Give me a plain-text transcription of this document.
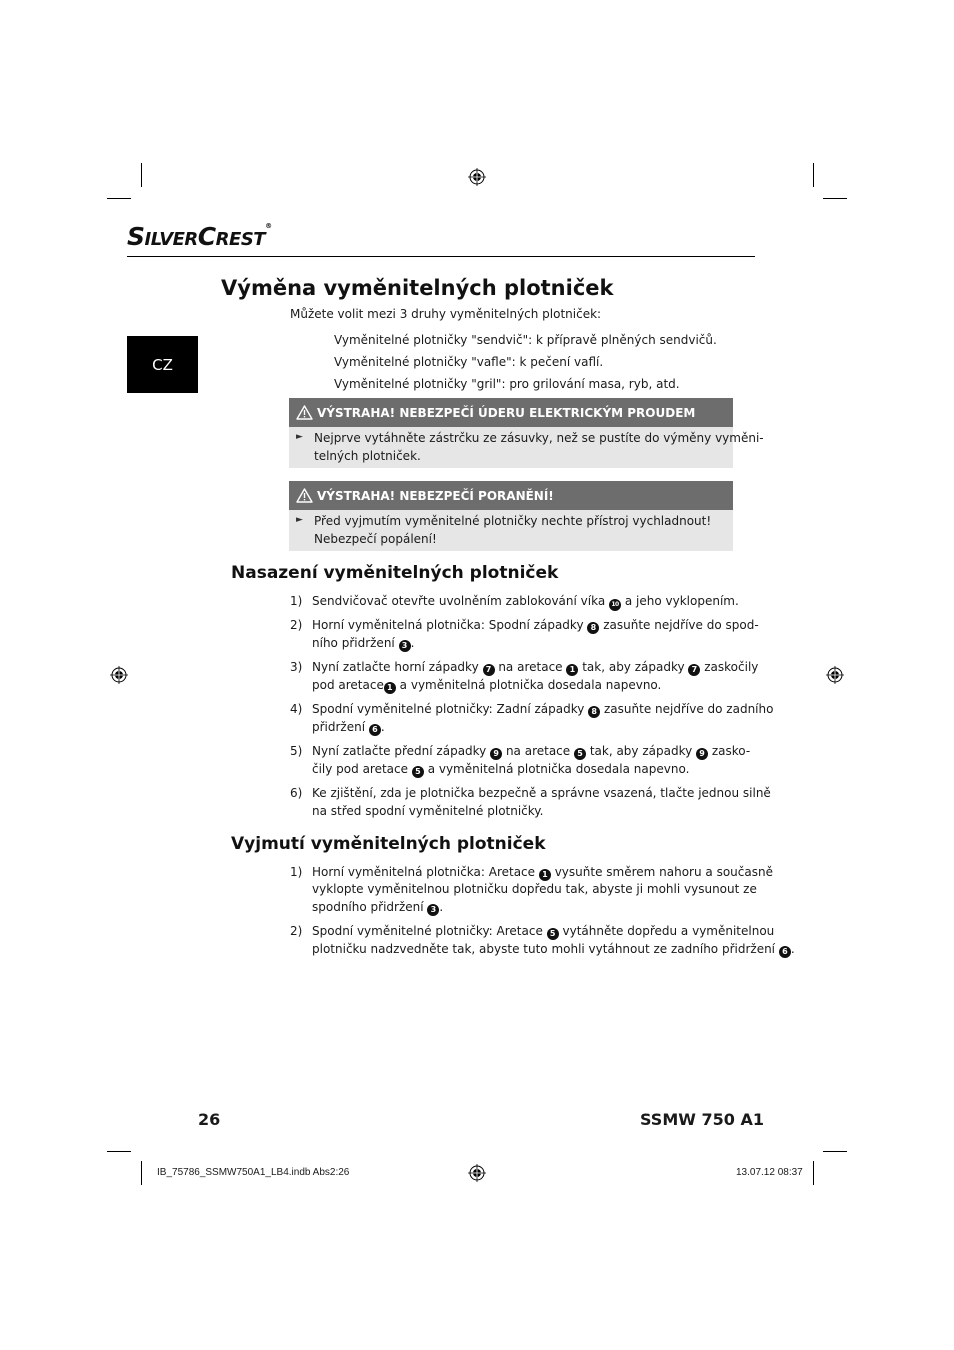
SILVERCREST®
CZ
Výměna vyměnitelných plotniček
Můžete volit mezi 3 druhy vyměnitelných plotniček:
Vyměnitelné plotničky "sendvič": k přípravě plněných sendvičů.
Vyměnitelné plotničky "vafle": k pečení vaflí.
Vyměnitelné plotničky "gril": pro grilování masa, ryb, atd.
VÝSTRAHA! NEBEZPEČÍ ÚDERU ELEKTRICKÝM PROUDEM
► Nejprve vytáhněte zástrčku ze zásuvky, než se pustíte do výměny vyměni-
telných plotniček.
VÝSTRAHA! NEBEZPEČÍ PORANĚNÍ!
► Před vyjmutím vyměnitelné plotničky nechte přístroj vychladnout!
Nebezpečí popálení!
Nasazení vyměnitelných plotniček
1) Sendvičovač otevřte uvolněním zablokování víka 10 a jeho vyklopením.
2) Horní vyměnitelná plotnička: Spodní západky 8 zasuňte nejdříve do spod-
ního přidržení 3 .
3) Nyní zatlačte horní západky 7 na aretace 1 tak, aby západky 7 zaskočily
pod aretace 1 a vyměnitelná plotnička dosedala napevno.
4) Spodní vyměnitelné plotničky: Zadní západky 8 zasuňte nejdříve do zadního
přidržení 6 .
5) Nyní zatlačte přední západky 9 na aretace 5 tak, aby západky 9 zasko-
čily pod aretace 5 a vyměnitelná plotnička dosedala napevno.
6) Ke zjištění, zda je plotnička bezpečně a správne vsazená, tlačte jednou silně
na střed spodní vyměnitelné plotničky.
Vyjmutí vyměnitelných plotniček
1) Horní vyměnitelná plotnička: Aretace 1 vysuňte směrem nahoru a současně
vyklopte vyměnitelnou plotničku dopředu tak, abyste ji mohli vysunout ze
spodního přidržení 3 .
2) Spodní vyměnitelné plotničky: Aretace 5 vytáhněte dopředu a vyměnitelnou
plotničku nadzvedněte tak, abyste tuto mohli vytáhnout ze zadního přidržení 6 .
26	SSMW 750 A1
IB_75786_SSMW750A1_LB4.indb Abs2:26	13.07.12 08:37
